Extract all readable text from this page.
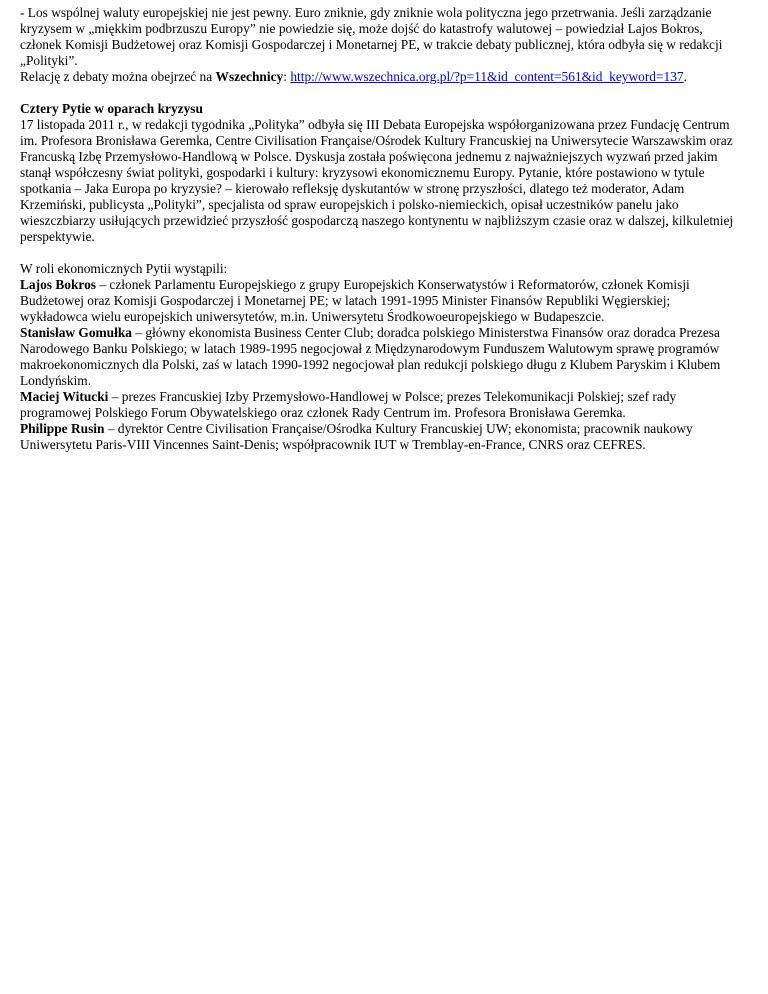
- Los wspólnej waluty europejskiej nie jest pewny. Euro zniknie, gdy zniknie wola polityczna jego przetrwania. Jeśli zarządzanie kryzysem w „miękkim podbrzuszu Europy” nie powiedzie się, może dojść do katastrofy walutowej – powiedział Lajos Bokros, członek Komisji Budżetowej oraz Komisji Gospodarczej i Monetarnej PE, w trakcie debaty publicznej, która odbyła się w redakcji „Polityki”.

Relację z debaty można obejrzeć na Wszechnicy: http://www.wszechnica.org.pl/?p=11&id_content=561&id_keyword=137.

Cztery Pytie w oparach kryzysu

17 listopada 2011 r., w redakcji tygodnika „Polityka” odbyła się III Debata Europejska współorganizowana przez Fundację Centrum im. Profesora Bronisława Geremka, Centre Civilisation Française/Ośrodek Kultury Francuskiej na Uniwersytecie Warszawskim oraz Francuską Izbę Przemysłowo-Handlową w Polsce. Dyskusja została poświęcona jednemu z najważniejszych wyzwań przed jakim stanął współczesny świat polityki, gospodarki i kultury: kryzysowi ekonomicznemu Europy. Pytanie, które postawiono w tytule spotkania – Jaka Europa po kryzysie? – kierowało refleksję dyskutantów w stronę przyszłości, dlatego też moderator, Adam Krzemiński, publicysta „Polityki”, specjalista od spraw europejskich i polsko-niemieckich, opisał uczestników panelu jako wieszczbiarzy usiłujących przewidzieć przyszłość gospodarczą naszego kontynentu w najbliższym czasie oraz w dalszej, kilkuletniej perspektywie.

W roli ekonomicznych Pytii wystąpili:

Lajos Bokros – członek Parlamentu Europejskiego z grupy Europejskich Konserwatystów i Reformatorów, członek Komisji Budżetowej oraz Komisji Gospodarczej i Monetarnej PE; w latach 1991-1995 Minister Finansów Republiki Węgierskiej; wykładowca wielu europejskich uniwersytetów, m.in. Uniwersytetu Środkowoeuropejskiego w Budapeszcie.

Stanisław Gomułka – główny ekonomista Business Center Club; doradca polskiego Ministerstwa Finansów oraz doradca Prezesa Narodowego Banku Polskiego; w latach 1989-1995 negocjował z Międzynarodowym Funduszem Walutowym sprawę programów makroekonomicznych dla Polski, zaś w latach 1990-1992 negocjował plan redukcji polskiego długu z Klubem Paryskim i Klubem Londyńskim.

Maciej Witucki – prezes Francuskiej Izby Przemysłowo-Handlowej w Polsce; prezes Telekomunikacji Polskiej; szef rady programowej Polskiego Forum Obywatelskiego oraz członek Rady Centrum im. Profesora Bronisława Geremka.

Philippe Rusin – dyrektor Centre Civilisation Française/Ośrodka Kultury Francuskiej UW; ekonomista; pracownik naukowy Uniwersytetu Paris-VIII Vincennes Saint-Denis; współpracownik IUT w Tremblay-en-France, CNRS oraz CEFRES.
